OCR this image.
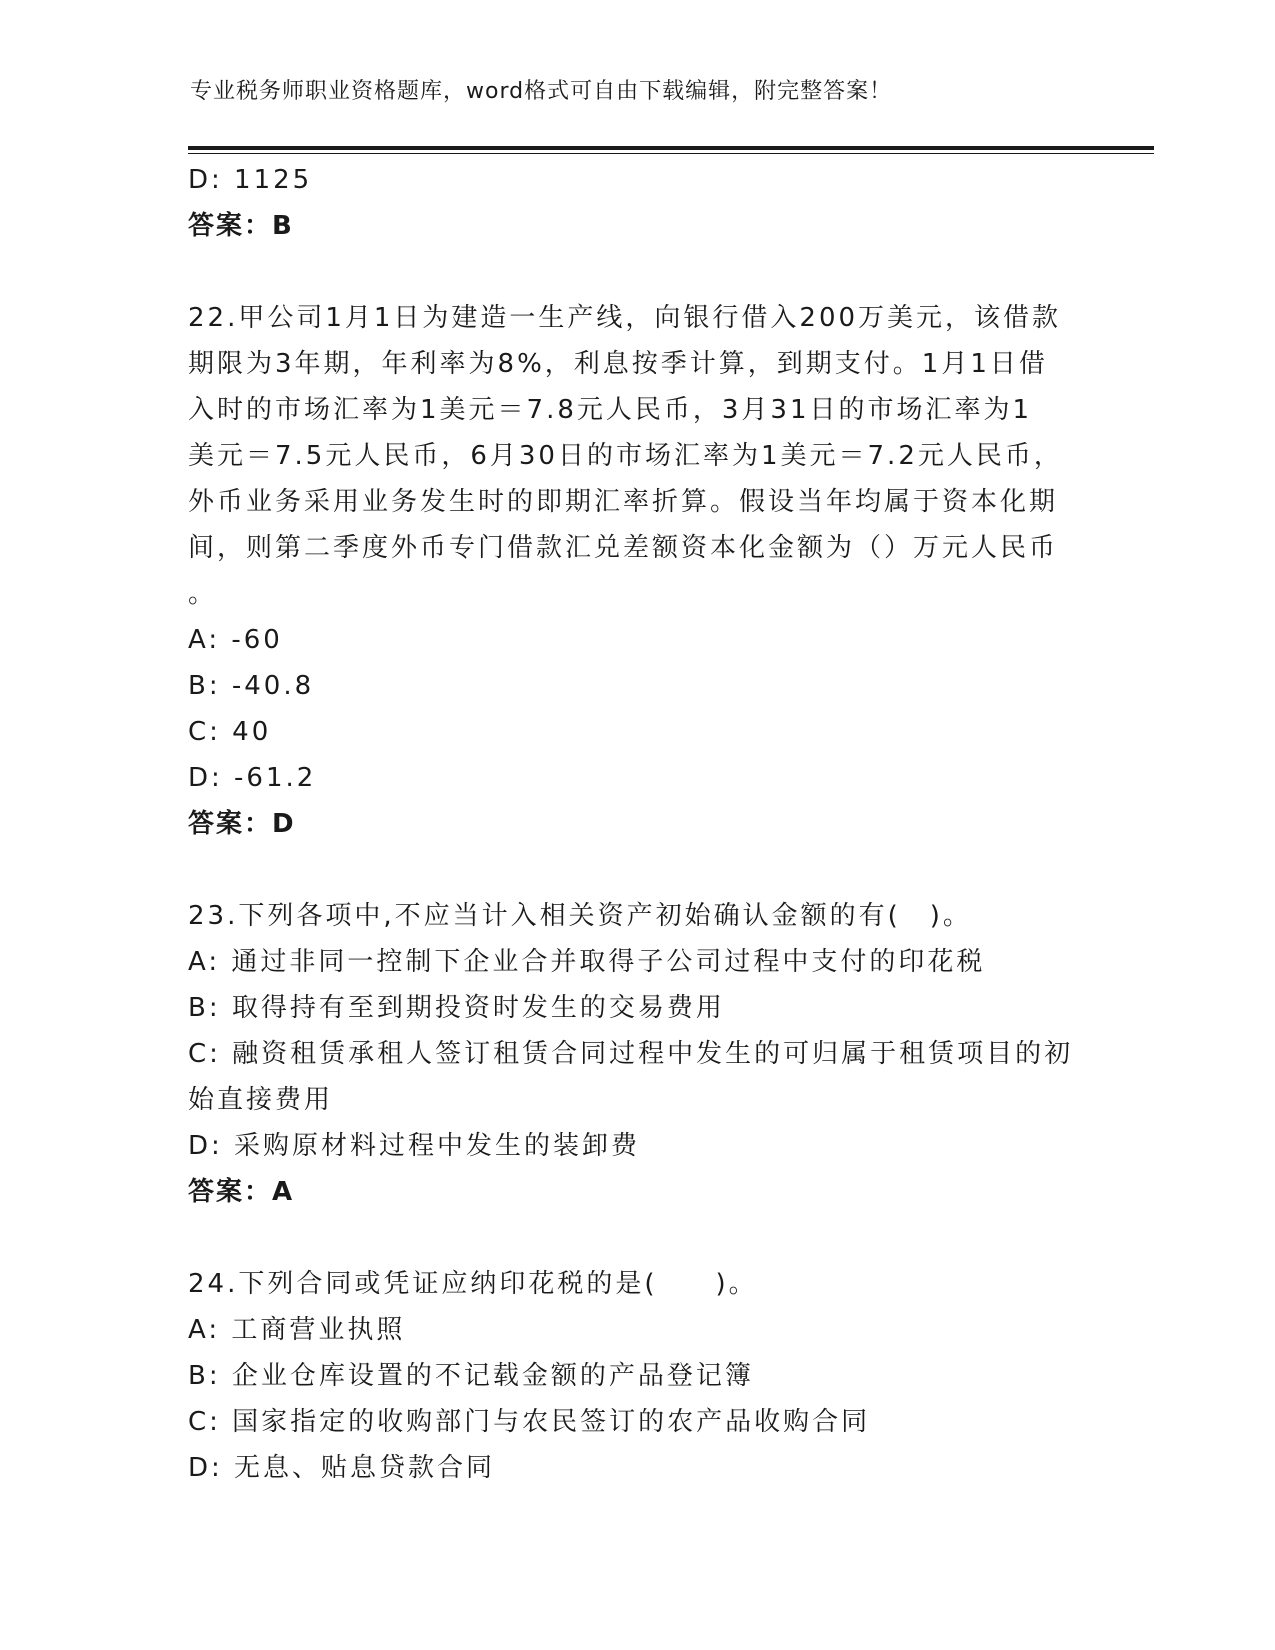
专业税务师职业资格题库，word格式可自由下载编辑，附完整答案！
D: 1125
答案：B
22.甲公司1月1日为建造一生产线，向银行借入200万美元，该借款
期限为3年期，年利率为8%，利息按季计算，到期支付。1月1日借
入时的市场汇率为1美元＝7.8元人民币，3月31日的市场汇率为1
美元＝7.5元人民币，6月30日的市场汇率为1美元＝7.2元人民币，
外币业务采用业务发生时的即期汇率折算。假设当年均属于资本化期
间，则第二季度外币专门借款汇兑差额资本化金额为（）万元人民币
。
A: -60
B: -40.8
C: 40
D: -61.2
答案：D
23.下列各项中,不应当计入相关资产初始确认金额的有(　)。
A: 通过非同一控制下企业合并取得子公司过程中支付的印花税
B: 取得持有至到期投资时发生的交易费用
C: 融资租赁承租人签订租赁合同过程中发生的可归属于租赁项目的初
始直接费用
D: 采购原材料过程中发生的装卸费
答案：A
24.下列合同或凭证应纳印花税的是(　　)。
A: 工商营业执照
B: 企业仓库设置的不记载金额的产品登记簿
C: 国家指定的收购部门与农民签订的农产品收购合同
D: 无息、贴息贷款合同
